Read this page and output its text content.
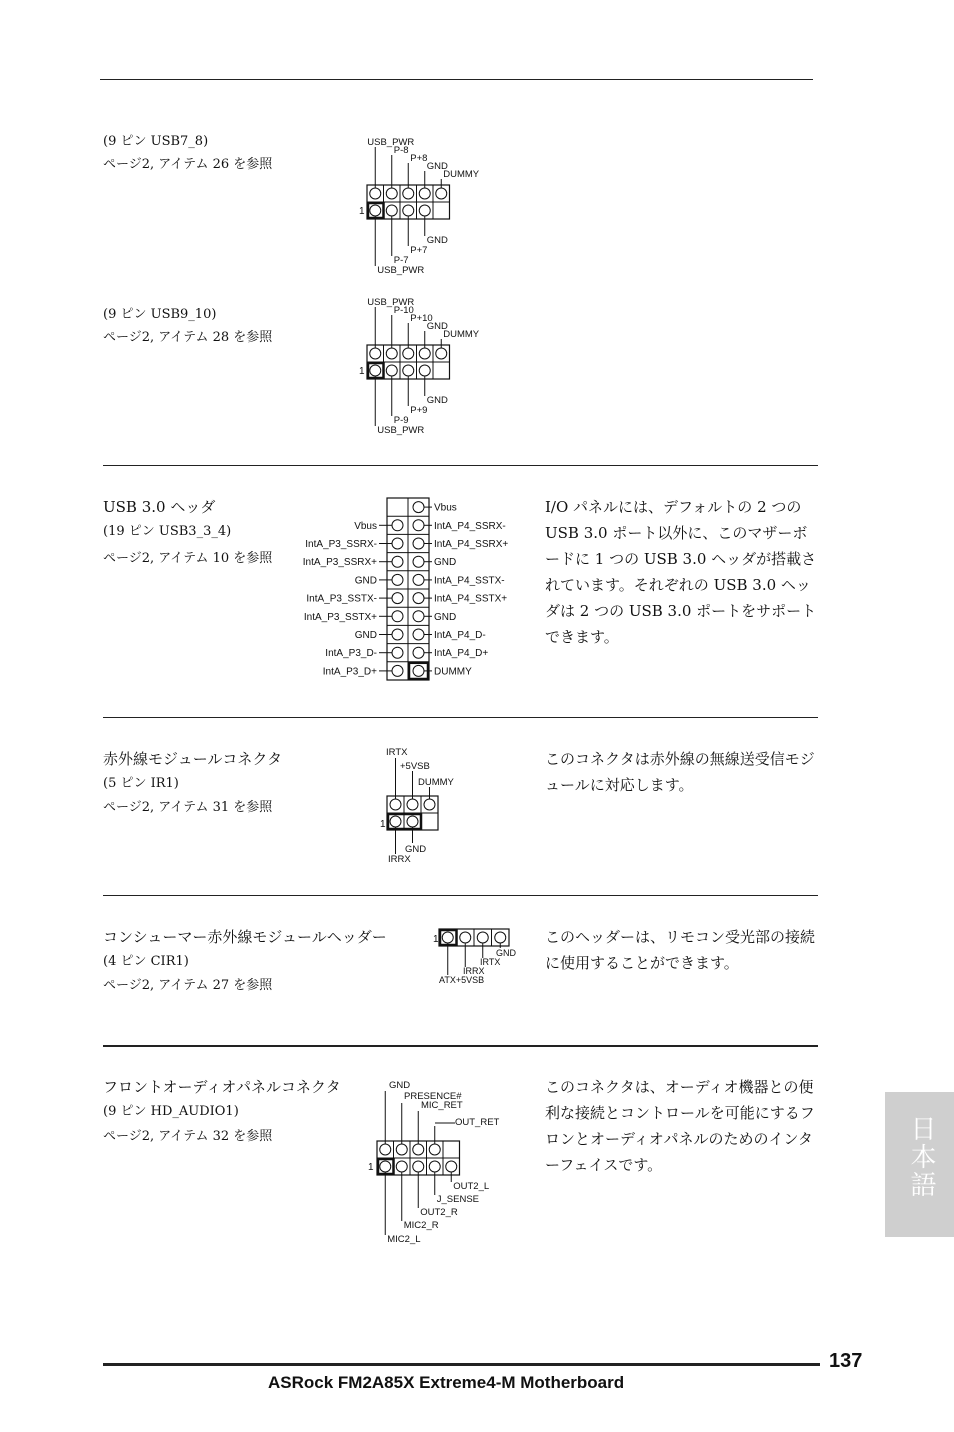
(9 ピン USB7_8)
ページ2, アイテム 26 を参照
(9 ピン USB9_10)
ページ2, アイテム 28 を参照
USB 3.0 ヘッダ
(19 ピン USB3_3_4)
ページ2, アイテム 10 を参照
I/O パネルには、デフォルトの 2 つの USB 3.0 ポート以外に、このマザーボードに 1 つの USB 3.0 ヘッダが搭載されています。それぞれの USB 3.0 ヘッダは 2 つの USB 3.0 ポートをサポートできます。
赤外線モジュールコネクタ
(5 ピン IR1)
ページ2, アイテム 31 を参照
このコネクタは赤外線の無線送受信モジュールに対応します。
コンシューマー赤外線モジュールヘッダー
(4 ピン CIR1)
ページ2, アイテム 27 を参照
このヘッダーは、リモコン受光部の接続に使用することができます。
フロントオーディオパネルコネクタ
(9 ピン HD_AUDIO1)
ページ2, アイテム 32 を参照
このコネクタは、オーディオ機器との便利な接続とコントロールを可能にするフロンとオーディオパネルのためのインターフェイスです。
USB_PWR
P-8
P+8
GND
DUMMY
GND
P+7
P-7
USB_PWR
1
USB_PWR
P-10
P+10
GND
DUMMY
GND
P+9
P-9
USB_PWR
1
Vbus
IntA_P4_SSRX-
Vbus
IntA_P4_SSRX+
IntA_P3_SSRX-
GND
IntA_P3_SSRX+
IntA_P4_SSTX-
GND
IntA_P4_SSTX+
IntA_P3_SSTX-
GND
IntA_P3_SSTX+
IntA_P4_D-
GND
IntA_P4_D+
IntA_P3_D-
DUMMY
IntA_P3_D+
IRTX
+5VSB
DUMMY
GND
IRRX
1
GND
IRTX
IRRX
ATX+5VSB
1
GND
PRESENCE#
MIC_RET
OUT_RET
OUT2_L
J_SENSE
OUT2_R
MIC2_R
MIC2_L
1	日本語
137
ASRock FM2A85X Extreme4-M Motherboard
